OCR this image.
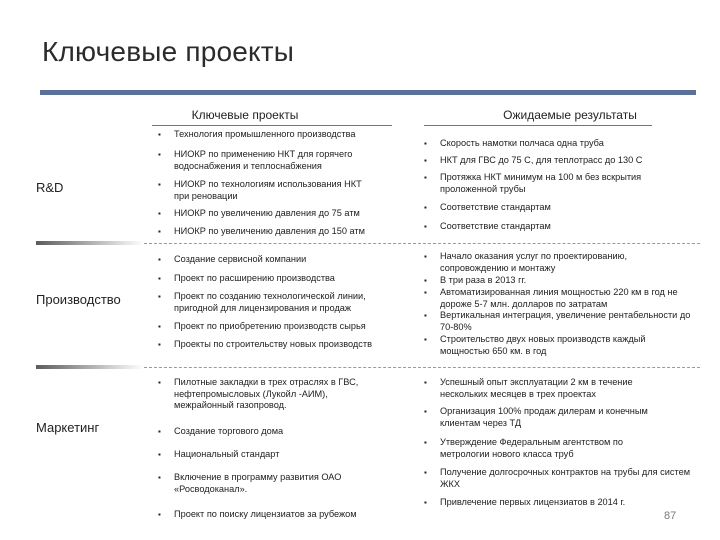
Ключевые проекты
Ключевые проекты	Ожидаемые результаты
R&D
▪ Технология промышленного производства
▪ НИОКР по применению НКТ для горячего водоснабжения и теплоснабжения
▪ НИОКР по технологиям использования НКТ при реновации
▪ НИОКР по увеличению давления до 75 атм
▪ НИОКР по увеличению давления до 150 атм
▪ Скорость намотки полчаса одна труба
▪ НКТ для ГВС до 75 С, для теплотрасс до 130 С
▪ Протяжка НКТ минимум на 100 м без вскрытия проложенной трубы
▪ Соответствие стандартам
▪ Соответствие стандартам
Производство
▪ Создание сервисной компании
▪ Проект по расширению производства
▪ Проект по созданию технологической линии, пригодной для лицензирования и продаж
▪ Проект по приобретению производств сырья
▪ Проекты по строительству новых производств
▪ Начало оказания услуг по проектированию, сопровождению и монтажу
▪ В три раза в 2013 гг.
▪ Автоматизированная линия мощностью 220 км в год не дороже 5-7 млн. долларов по затратам
▪ Вертикальная интеграция, увеличение рентабельности до 70-80%
▪ Строительство двух новых производств каждый мощностью 650 км. в год
Маркетинг
▪ Пилотные закладки в трех отраслях в ГВС, нефтепромысловых (Лукойл -АИМ), межрайонный газопровод.
▪ Создание торгового дома
▪ Национальный стандарт
▪ Включение в программу развития ОАО «Росводоканал».
▪ Проект по поиску лицензиатов за рубежом
▪ Успешный опыт эксплуатации 2 км в течение нескольких месяцев в трех проектах
▪ Организация 100% продаж дилерам и конечным клиентам через ТД
▪ Утверждение Федеральным агентством по метрологии нового класса труб
▪ Получение долгосрочных контрактов на трубы для систем ЖКХ
▪ Привлечение первых лицензиатов в 2014 г.
87
